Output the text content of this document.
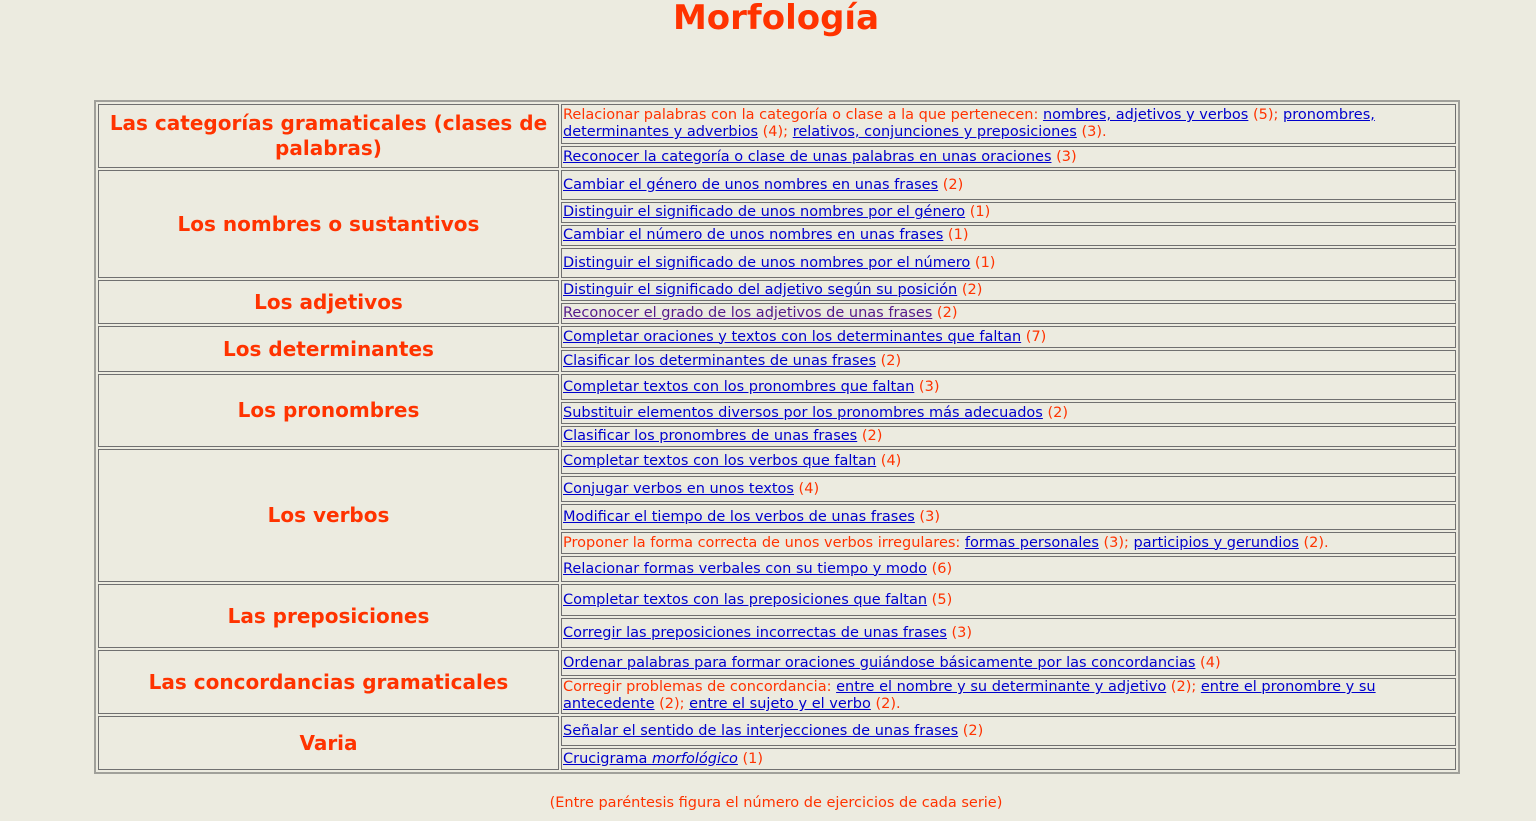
Morfología
Las categorías gramaticales (clases de palabras)	Relacionar palabras con la categoría o clase a la que pertenecen: nombres, adjetivos y verbos (5); pronombres, determinantes y adverbios (4); relativos, conjunciones y preposiciones (3).
	Reconocer la categoría o clase de unas palabras en unas oraciones (3)
Los nombres o sustantivos	Cambiar el género de unos nombres en unas frases (2)
	Distinguir el significado de unos nombres por el género (1)
	Cambiar el número de unos nombres en unas frases (1)
	Distinguir el significado de unos nombres por el número (1)
Los adjetivos	Distinguir el significado del adjetivo según su posición (2)
	Reconocer el grado de los adjetivos de unas frases (2)
Los determinantes	Completar oraciones y textos con los determinantes que faltan (7)
	Clasificar los determinantes de unas frases (2)
Los pronombres	Completar textos con los pronombres que faltan (3)
	Substituir elementos diversos por los pronombres más adecuados (2)
	Clasificar los pronombres de unas frases (2)
Los verbos	Completar textos con los verbos que faltan (4)
	Conjugar verbos en unos textos (4)
	Modificar el tiempo de los verbos de unas frases (3)
	Proponer la forma correcta de unos verbos irregulares: formas personales (3); participios y gerundios (2).
	Relacionar formas verbales con su tiempo y modo (6)
Las preposiciones	Completar textos con las preposiciones que faltan (5)
	Corregir las preposiciones incorrectas de unas frases (3)
Las concordancias gramaticales	Ordenar palabras para formar oraciones guiándose básicamente por las concordancias (4)
	Corregir problemas de concordancia: entre el nombre y su determinante y adjetivo (2); entre el pronombre y su antecedente (2); entre el sujeto y el verbo (2).
Varia	Señalar el sentido de las interjecciones de unas frases (2)
	Crucigrama morfológico (1)
(Entre paréntesis figura el número de ejercicios de cada serie)
